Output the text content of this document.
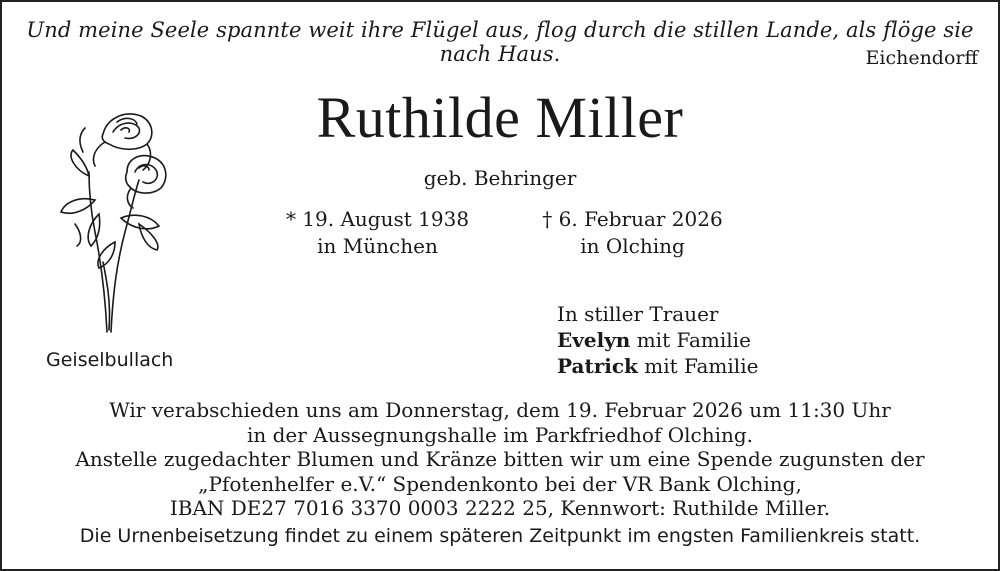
Und meine Seele spannte weit ihre Flügel aus, flog durch die stillen Lande, als flöge sie nach Haus.	Eichendorff
Ruthilde Miller
geb. Behringer
* 19. August 1938
in München
† 6. Februar 2026
in Olching
Geiselbullach
In stiller Trauer
Evelyn mit Familie
Patrick mit Familie
Wir verabschieden uns am Donnerstag, dem 19. Februar 2026 um 11:30 Uhr
in der Aussegnungshalle im Parkfriedhof Olching.
Anstelle zugedachter Blumen und Kränze bitten wir um eine Spende zugunsten der
„Pfotenhelfer e.V.“ Spendenkonto bei der VR Bank Olching,
IBAN DE27 7016 3370 0003 2222 25, Kennwort: Ruthilde Miller.
Die Urnenbeisetzung findet zu einem späteren Zeitpunkt im engsten Familienkreis statt.
